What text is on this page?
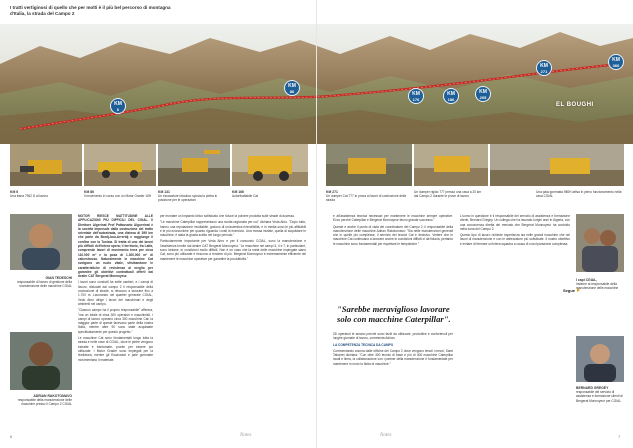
I tratti vertiginosi di quello che per molti è il più bel percorso di montagna
d'Italia, la strada del Campo 2
KM
6
KM
86	KM
176
KM
186
KM
205
KM
271
KM
366
EL BOUGHI
KM 6
Una frana 7962 D al lavoro
KM 86
Il movimento in corso con un Motor Grader 16H
KM 131
Un escavatore idraulico sposta la pietra in posizione per le operazioni
KM 166
Autoribaltabile Cat
KM 271
Un dumper Cat 777 in prova ai lavori di costruzione della strada
Un dumper rigido 777 presso una cava a 20 km dal Campo 2 durante le prove di lavoro
Una pala gommata 980H attiva in pieno funzionamento nella cava CGIAL
GIAN TEDESCHI
responsabile di lavoro di gestione della manutenzione delle macchine CGIAL
ADRIAN RAKOTOMAVO
responsabile della manutenzione delle macchine presso il Campo 2 CGIAL

MOTOR RIESCE MATTITUDINE ALLE APPLICAZIONI PIÙ DIFFICILI DEL CGIAL. Il Direttore Algerinat Prof Pattavuoto Alguerinat è la società impresale dalla costruzione del tratto orientale dell'autostrada, una distesa di 399 km che parte da Bordj-bou-Arreridj e raggiunge il confine con la Tunisia. Si tratta di uno dei lavori più difficili dell'intera opera; il territorio, fra Lalfa, comprende lavori di movimento terra per circa 110.000 m³ e la posa di 1.300.000 m³ di calcestruzzo. Naturalmente le macchine Cat svolgono un ruolo vitale, sfruttandone le caratteristiche di resistenza al meglio per garantire gli obiettivi contrattuali offerti dai dealer CAT Bergerat Monnoyeur.

I lavori sono condotti ha sette cantieri, e i campi di lavoro, dislocati dal campo 2 il responsabile della costruzione di strade, si riescono a lavorare fino a 1.700 m. Lavorando nel quartier generale CGIAL, Vedo Abro dirige i lavori dei macchinari e degli ambienti nel campo.

"Ciascun campo ha il proprio responsabile" afferma, "ma un totale di circa 300 operatori e macchinisti. I campi di lavoro operano circa 300 macchine Cat: la maggior parte di queste facevano parte della nostra flotta, mentre altre 90 sono state acquistate specificatamente per questo progetto."

Le macchine Cat sono fondamentali lungo tutta la strada e nelle cave di CGIAL, dove le pietre vengono estratte e frantumate, pronte per essere poi utilizzate. I Motor Grader sono impiegati per la livellatura, mentre gli Escavatori e pale gommate movimentano il materiale.

per montare un impianto idrico sofisticato che riduce la polvere prodotta sulle strade di accesso.

"Le macchine Caterpillar rappresentano una svolta ragionata per noi" dichiara Veda Abro. "Dopo tutto, hanno una reputazione invidiabile, godono di un'autentica rivendibilità, e in media sono le più affidabili e le più economiche per quanto riguarda i costi di esercizio. Una mossa iniziale, quella di acquistare le macchine, è stata la giusta scelta nel lungo periodo."

Particolarmente importante per Veda Abro e per il consorzio CGIAL, sono la manutenzione e l'assistenza fornite dal dealer CAT Bergerat Monnoyeur. "Le macchine nei campi 3, 4 e 7, in particolare, sono lontane, in condizioni molto difficili. Non è un caso che la metà delle macchine impiegate siano Cat, sono più utilizzate e riescono a rendere di più. Bergerat Monnoyeur è estremamente efficiente nel mantenere le macchine operative per garantire la produttività."

e all'assistenza tecnica necessari per mantenere le macchine sempre operative. Ecco perché Caterpillar e Bergerat Monnoyeur fanno grande successo."

Queste e anche il punto di vista del coordinatore del Campo 2, il responsabile della manutenzione delle macchine Adrian Rakotomavo: "Sia nelle manutenzioni generali che in quelle più complesse, il servizio dei tecnici Cat è decisivo. Vedere che le macchine Cat continuano a lavorare anche in condizioni difficili ci dà fiducia, pertanto le macchine sono fondamentali per rispettare le tempistiche."

"Sarebbe meraviglioso lavorare solo con macchine Caterpillar".

Gli operatori le amano perché sono facili da utilizzare, produttive e confortevoli per lunghe giornate di lavoro, commenta Adrian.

LA COMPETENZA TECNICA DA CAMPO

Commentando ancora dalle officine del Campo 2 dove vengono tenuti i mezzi, Sami Tabarrei dichiara: "Con oltre 300 tecnici di base e più di 400 macchine Caterpillar locali e linea, la collaborazione con i partner della manutenzione è fondamentale per mantenere in moto la flotta di macchine."

L'uomo in questione è il responsabile del servizio di assistenza e formazione clienti, Bernard Grégey. Un collega che ha lavorato lunghi anni in Algeria, con una conoscenza diretta del mercato che Bergerat Monnoyeur ha costruito nella zona del Campo 2.

Questo tipo di lavoro richiede esperienza sia nelle grandi macchine che nei lavori di manutenzione e con le attrezzature più sofisticate. Il nostro obiettivo è evitare di fermare un'intera squadra a causa di una riparazione complessa.

Segue
I capi CGIAL,
insieme al responsabile della manutenzione delle macchine
BERNARD GREGEY
responsabile del servizio di assistenza e formazione clienti di Bergerat Monnoyeur per CGIAL
6	Notes	Notes	7
